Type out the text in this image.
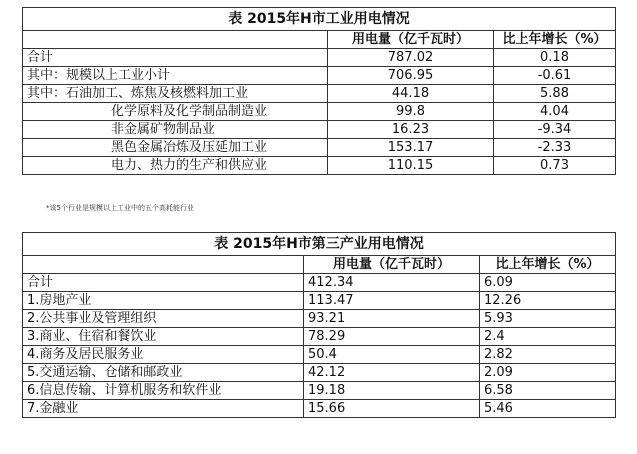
表 2015年H市工业用电情况		
	用电量（亿千瓦时）	比上年增长（%）
合计	787.02	0.18
其中：规模以上工业小计	706.95	-0.61
其中：石油加工、炼焦及核燃料加工业	44.18	5.88
化学原料及化学制品制造业	99.8	4.04
非金属矿物制品业	16.23	-9.34
黑色金属冶炼及压延加工业	153.17	-2.33
电力、热力的生产和供应业	110.15	0.73
*该5个行业是规模以上工业中的五个高耗能行业
表 2015年H市第三产业用电情况		
	用电量（亿千瓦时）	比上年增长（%）
合计	412.34	6.09
1.房地产业	113.47	12.26
2.公共事业及管理组织	93.21	5.93
3.商业、住宿和餐饮业	78.29	2.4
4.商务及居民服务业	50.4	2.82
5.交通运输、仓储和邮政业	42.12	2.09
6.信息传输、计算机服务和软件业	19.18	6.58
7.金融业	15.66	5.46
